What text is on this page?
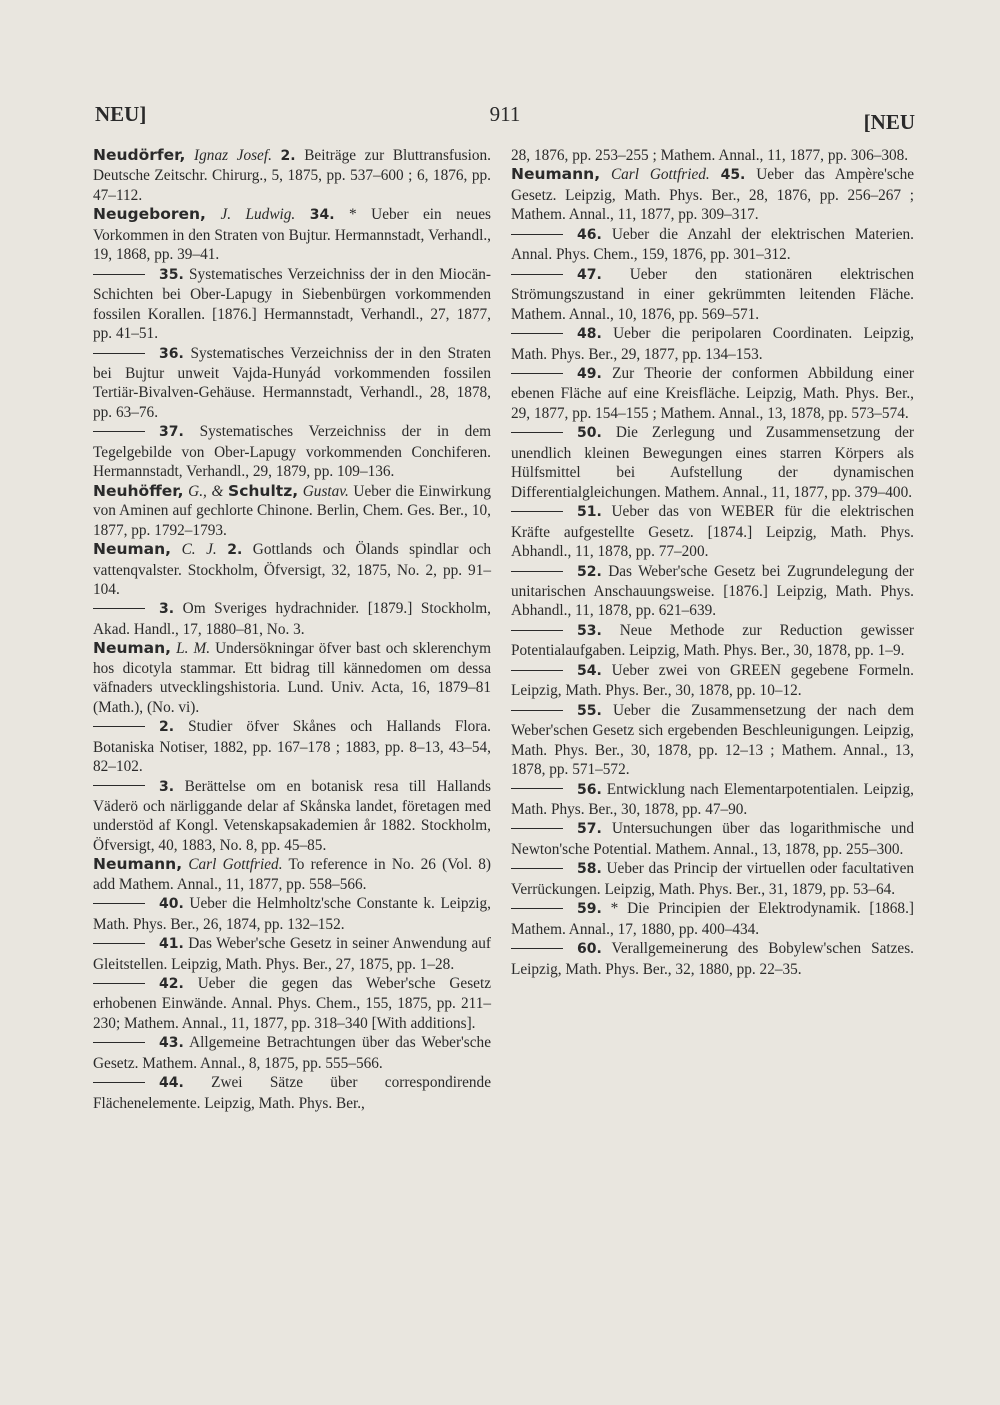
NEU]	911	[NEU

Neudörfer, Ignaz Josef. 2. Beiträge zur Bluttransfusion. Deutsche Zeitschr. Chirurg., 5, 1875, pp. 537–600 ; 6, 1876, pp. 47–112.

Neugeboren, J. Ludwig. 34. * Ueber ein neues Vorkommen in den Straten von Bujtur. Hermannstadt, Verhandl., 19, 1868, pp. 39–41.

35. Systematisches Verzeichniss der in den Miocän-Schichten bei Ober-Lapugy in Siebenbürgen vorkommenden fossilen Korallen. [1876.] Hermannstadt, Verhandl., 27, 1877, pp. 41–51.

36. Systematisches Verzeichniss der in den Straten bei Bujtur unweit Vajda-Hunyád vorkommenden fossilen Tertiär-Bivalven-Gehäuse. Hermannstadt, Verhandl., 28, 1878, pp. 63–76.

37. Systematisches Verzeichniss der in dem Tegelgebilde von Ober-Lapugy vorkommenden Conchiferen. Hermannstadt, Verhandl., 29, 1879, pp. 109–136.

Neuhöffer, G., & Schultz, Gustav. Ueber die Einwirkung von Aminen auf gechlorte Chinone. Berlin, Chem. Ges. Ber., 10, 1877, pp. 1792–1793.

Neuman, C. J. 2. Gottlands och Ölands spindlar och vattenqvalster. Stockholm, Öfversigt, 32, 1875, No. 2, pp. 91–104.

3. Om Sveriges hydrachnider. [1879.] Stockholm, Akad. Handl., 17, 1880–81, No. 3.

Neuman, L. M. Undersökningar öfver bast och sklerenchym hos dicotyla stammar. Ett bidrag till kännedomen om dessa väfnaders utvecklingshistoria. Lund. Univ. Acta, 16, 1879–81 (Math.), (No. vi).

2. Studier öfver Skånes och Hallands Flora. Botaniska Notiser, 1882, pp. 167–178 ; 1883, pp. 8–13, 43–54, 82–102.

3. Berättelse om en botanisk resa till Hallands Väderö och närliggande delar af Skånska landet, företagen med understöd af Kongl. Vetenskapsakademien år 1882. Stockholm, Öfversigt, 40, 1883, No. 8, pp. 45–85.

Neumann, Carl Gottfried. To reference in No. 26 (Vol. 8) add Mathem. Annal., 11, 1877, pp. 558–566.

40. Ueber die Helmholtz'sche Constante k. Leipzig, Math. Phys. Ber., 26, 1874, pp. 132–152.

41. Das Weber'sche Gesetz in seiner Anwendung auf Gleitstellen. Leipzig, Math. Phys. Ber., 27, 1875, pp. 1–28.

42. Ueber die gegen das Weber'sche Gesetz erhobenen Einwände. Annal. Phys. Chem., 155, 1875, pp. 211–230; Mathem. Annal., 11, 1877, pp. 318–340 [With additions].

43. Allgemeine Betrachtungen über das Weber'sche Gesetz. Mathem. Annal., 8, 1875, pp. 555–566.

44. Zwei Sätze über correspondirende Flächenelemente. Leipzig, Math. Phys. Ber.,

28, 1876, pp. 253–255 ; Mathem. Annal., 11, 1877, pp. 306–308.

Neumann, Carl Gottfried. 45. Ueber das Ampère'sche Gesetz. Leipzig, Math. Phys. Ber., 28, 1876, pp. 256–267 ; Mathem. Annal., 11, 1877, pp. 309–317.

46. Ueber die Anzahl der elektrischen Materien. Annal. Phys. Chem., 159, 1876, pp. 301–312.

47. Ueber den stationären elektrischen Strömungszustand in einer gekrümmten leitenden Fläche. Mathem. Annal., 10, 1876, pp. 569–571.

48. Ueber die peripolaren Coordinaten. Leipzig, Math. Phys. Ber., 29, 1877, pp. 134–153.

49. Zur Theorie der conformen Abbildung einer ebenen Fläche auf eine Kreisfläche. Leipzig, Math. Phys. Ber., 29, 1877, pp. 154–155 ; Mathem. Annal., 13, 1878, pp. 573–574.

50. Die Zerlegung und Zusammensetzung der unendlich kleinen Bewegungen eines starren Körpers als Hülfsmittel bei Aufstellung der dynamischen Differentialgleichungen. Mathem. Annal., 11, 1877, pp. 379–400.

51. Ueber das von WEBER für die elektrischen Kräfte aufgestellte Gesetz. [1874.] Leipzig, Math. Phys. Abhandl., 11, 1878, pp. 77–200.

52. Das Weber'sche Gesetz bei Zugrundelegung der unitarischen Anschauungsweise. [1876.] Leipzig, Math. Phys. Abhandl., 11, 1878, pp. 621–639.

53. Neue Methode zur Reduction gewisser Potentialaufgaben. Leipzig, Math. Phys. Ber., 30, 1878, pp. 1–9.

54. Ueber zwei von GREEN gegebene Formeln. Leipzig, Math. Phys. Ber., 30, 1878, pp. 10–12.

55. Ueber die Zusammensetzung der nach dem Weber'schen Gesetz sich ergebenden Beschleunigungen. Leipzig, Math. Phys. Ber., 30, 1878, pp. 12–13 ; Mathem. Annal., 13, 1878, pp. 571–572.

56. Entwicklung nach Elementarpotentialen. Leipzig, Math. Phys. Ber., 30, 1878, pp. 47–90.

57. Untersuchungen über das logarithmische und Newton'sche Potential. Mathem. Annal., 13, 1878, pp. 255–300.

58. Ueber das Princip der virtuellen oder facultativen Verrückungen. Leipzig, Math. Phys. Ber., 31, 1879, pp. 53–64.

59. * Die Principien der Elektrodynamik. [1868.] Mathem. Annal., 17, 1880, pp. 400–434.

60. Verallgemeinerung des Bobylew'schen Satzes. Leipzig, Math. Phys. Ber., 32, 1880, pp. 22–35.
